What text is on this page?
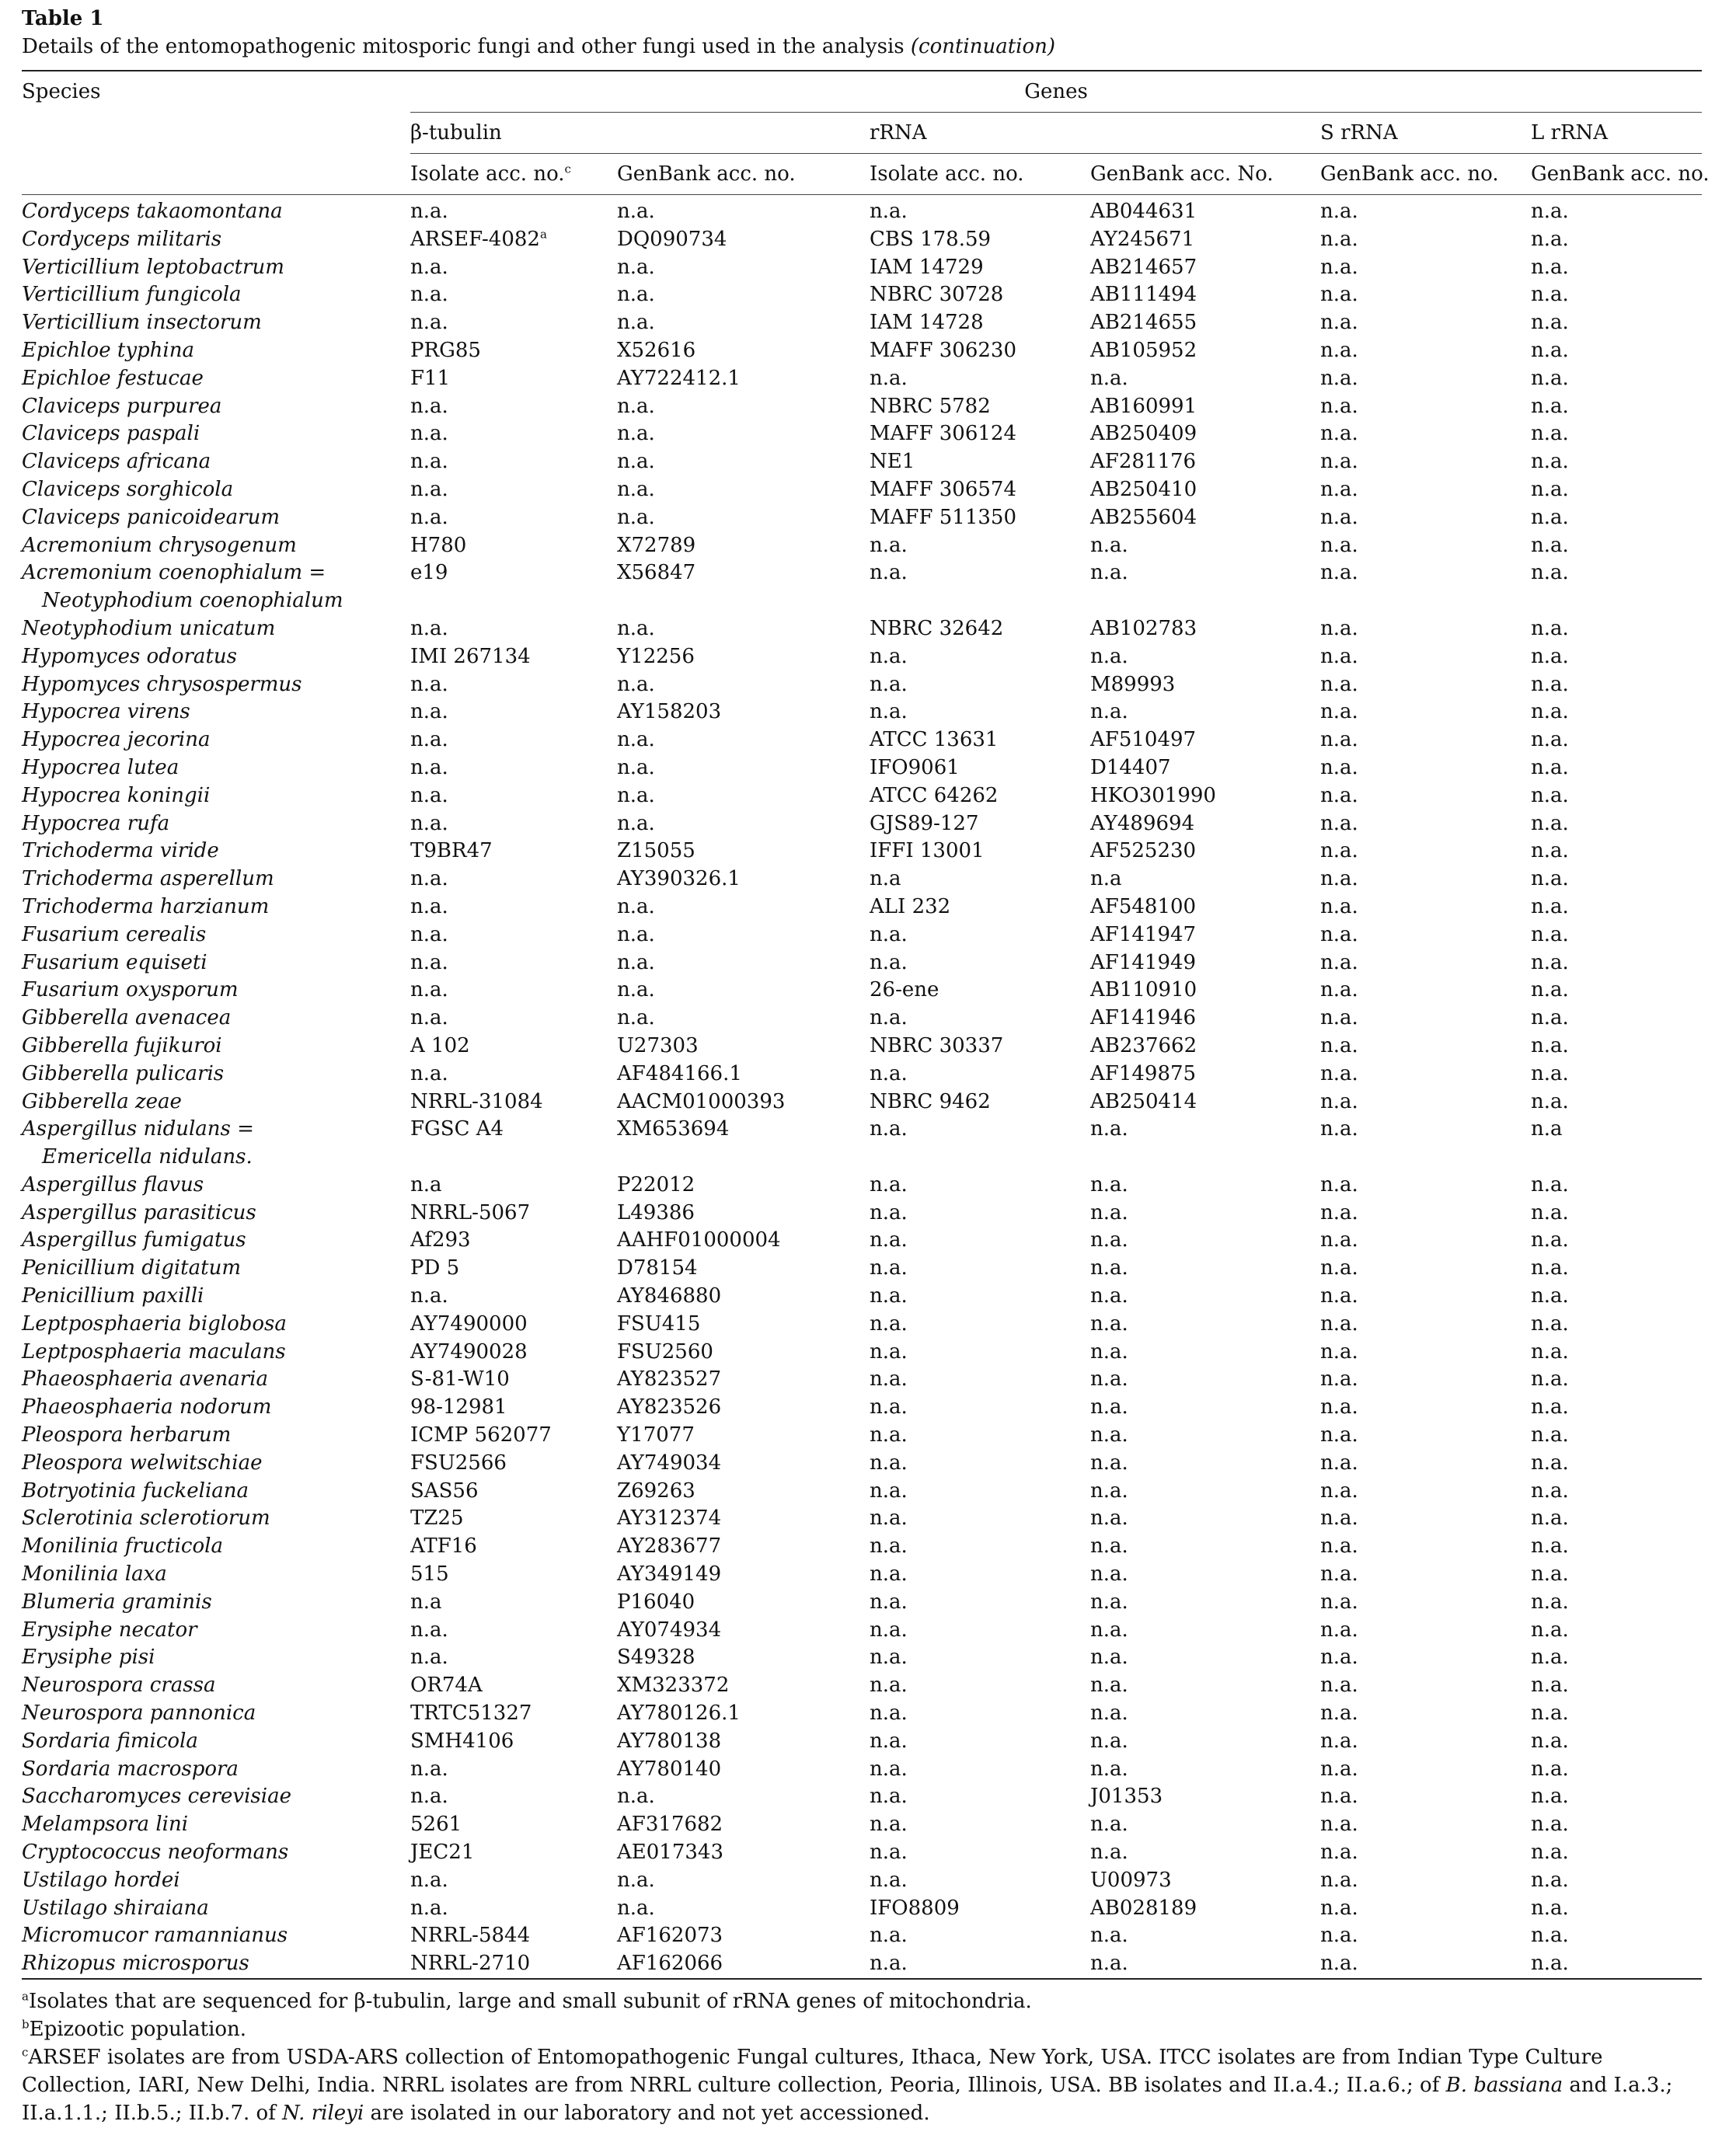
Table 1

Details of the entomopathogenic mitosporic fungi and other fungi used in the analysis (continuation)

Species	Genes					

	β-tubulin		rRNA		S rRNA	L rRNA

	Isolate acc. no.$^c$	GenBank acc. no.	Isolate acc. no.	GenBank acc. No.	GenBank acc. no.	GenBank acc. no.

Cordyceps takaomontana	n.a.	n.a.	n.a.	AB044631	n.a.	n.a.
Cordyceps militaris	ARSEF-4082$^a$	DQ090734	CBS 178.59	AY245671	n.a.	n.a.
Verticillium leptobactrum	n.a.	n.a.	IAM 14729	AB214657	n.a.	n.a.
Verticillium fungicola	n.a.	n.a.	NBRC 30728	AB111494	n.a.	n.a.
Verticillium insectorum	n.a.	n.a.	IAM 14728	AB214655	n.a.	n.a.
Epichloe typhina	PRG85	X52616	MAFF 306230	AB105952	n.a.	n.a.
Epichloe festucae	F11	AY722412.1	n.a.	n.a.	n.a.	n.a.
Claviceps purpurea	n.a.	n.a.	NBRC 5782	AB160991	n.a.	n.a.
Claviceps paspali	n.a.	n.a.	MAFF 306124	AB250409	n.a.	n.a.
Claviceps africana	n.a.	n.a.	NE1	AF281176	n.a.	n.a.
Claviceps sorghicola	n.a.	n.a.	MAFF 306574	AB250410	n.a.	n.a.
Claviceps panicoidearum	n.a.	n.a.	MAFF 511350	AB255604	n.a.	n.a.
Acremonium chrysogenum	H780	X72789	n.a.	n.a.	n.a.	n.a.
Acremonium coenophialum =
Neotyphodium coenophialum	e19	X56847	n.a.	n.a.	n.a.	n.a.
Neotyphodium unicatum	n.a.	n.a.	NBRC 32642	AB102783	n.a.	n.a.
Hypomyces odoratus	IMI 267134	Y12256	n.a.	n.a.	n.a.	n.a.
Hypomyces chrysospermus	n.a.	n.a.	n.a.	M89993	n.a.	n.a.
Hypocrea virens	n.a.	AY158203	n.a.	n.a.	n.a.	n.a.
Hypocrea jecorina	n.a.	n.a.	ATCC 13631	AF510497	n.a.	n.a.
Hypocrea lutea	n.a.	n.a.	IFO9061	D14407	n.a.	n.a.
Hypocrea koningii	n.a.	n.a.	ATCC 64262	HKO301990	n.a.	n.a.
Hypocrea rufa	n.a.	n.a.	GJS89-127	AY489694	n.a.	n.a.
Trichoderma viride	T9BR47	Z15055	IFFI 13001	AF525230	n.a.	n.a.
Trichoderma asperellum	n.a.	AY390326.1	n.a	n.a	n.a.	n.a.
Trichoderma harzianum	n.a.	n.a.	ALI 232	AF548100	n.a.	n.a.
Fusarium cerealis	n.a.	n.a.	n.a.	AF141947	n.a.	n.a.
Fusarium equiseti	n.a.	n.a.	n.a.	AF141949	n.a.	n.a.
Fusarium oxysporum	n.a.	n.a.	26-ene	AB110910	n.a.	n.a.
Gibberella avenacea	n.a.	n.a.	n.a.	AF141946	n.a.	n.a.
Gibberella fujikuroi	A 102	U27303	NBRC 30337	AB237662	n.a.	n.a.
Gibberella pulicaris	n.a.	AF484166.1	n.a.	AF149875	n.a.	n.a.
Gibberella zeae	NRRL-31084	AACM01000393	NBRC 9462	AB250414	n.a.	n.a.
Aspergillus nidulans =
Emericella nidulans.	FGSC A4	XM653694	n.a.	n.a.	n.a.	n.a
Aspergillus flavus	n.a	P22012	n.a.	n.a.	n.a.	n.a.
Aspergillus parasiticus	NRRL-5067	L49386	n.a.	n.a.	n.a.	n.a.
Aspergillus fumigatus	Af293	AAHF01000004	n.a.	n.a.	n.a.	n.a.
Penicillium digitatum	PD 5	D78154	n.a.	n.a.	n.a.	n.a.
Penicillium paxilli	n.a.	AY846880	n.a.	n.a.	n.a.	n.a.
Leptposphaeria biglobosa	AY7490000	FSU415	n.a.	n.a.	n.a.	n.a.
Leptposphaeria maculans	AY7490028	FSU2560	n.a.	n.a.	n.a.	n.a.
Phaeosphaeria avenaria	S-81-W10	AY823527	n.a.	n.a.	n.a.	n.a.
Phaeosphaeria nodorum	98-12981	AY823526	n.a.	n.a.	n.a.	n.a.
Pleospora herbarum	ICMP 562077	Y17077	n.a.	n.a.	n.a.	n.a.
Pleospora welwitschiae	FSU2566	AY749034	n.a.	n.a.	n.a.	n.a.
Botryotinia fuckeliana	SAS56	Z69263	n.a.	n.a.	n.a.	n.a.
Sclerotinia sclerotiorum	TZ25	AY312374	n.a.	n.a.	n.a.	n.a.
Monilinia fructicola	ATF16	AY283677	n.a.	n.a.	n.a.	n.a.
Monilinia laxa	515	AY349149	n.a.	n.a.	n.a.	n.a.
Blumeria graminis	n.a	P16040	n.a.	n.a.	n.a.	n.a.
Erysiphe necator	n.a.	AY074934	n.a.	n.a.	n.a.	n.a.
Erysiphe pisi	n.a.	S49328	n.a.	n.a.	n.a.	n.a.
Neurospora crassa	OR74A	XM323372	n.a.	n.a.	n.a.	n.a.
Neurospora pannonica	TRTC51327	AY780126.1	n.a.	n.a.	n.a.	n.a.
Sordaria fimicola	SMH4106	AY780138	n.a.	n.a.	n.a.	n.a.
Sordaria macrospora	n.a.	AY780140	n.a.	n.a.	n.a.	n.a.
Saccharomyces cerevisiae	n.a.	n.a.	n.a.	J01353	n.a.	n.a.
Melampsora lini	5261	AF317682	n.a.	n.a.	n.a.	n.a.
Cryptococcus neoformans	JEC21	AE017343	n.a.	n.a.	n.a.	n.a.
Ustilago hordei	n.a.	n.a.	n.a.	U00973	n.a.	n.a.
Ustilago shiraiana	n.a.	n.a.	IFO8809	AB028189	n.a.	n.a.
Micromucor ramannianus	NRRL-5844	AF162073	n.a.	n.a.	n.a.	n.a.
Rhizopus microsporus	NRRL-2710	AF162066	n.a.	n.a.	n.a.	n.a.

$^a$Isolates that are sequenced for β-tubulin, large and small subunit of rRNA genes of mitochondria.

$^b$Epizootic population.

$^c$ARSEF isolates are from USDA-ARS collection of Entomopathogenic Fungal cultures, Ithaca, New York, USA. ITCC isolates are from Indian Type Culture Collection, IARI, New Delhi, India. NRRL isolates are from NRRL culture collection, Peoria, Illinois, USA. BB isolates and II.a.4.; II.a.6.; of B. bassiana and I.a.3.; II.a.1.1.; II.b.5.; II.b.7. of N. rileyi are isolated in our laboratory and not yet accessioned.
